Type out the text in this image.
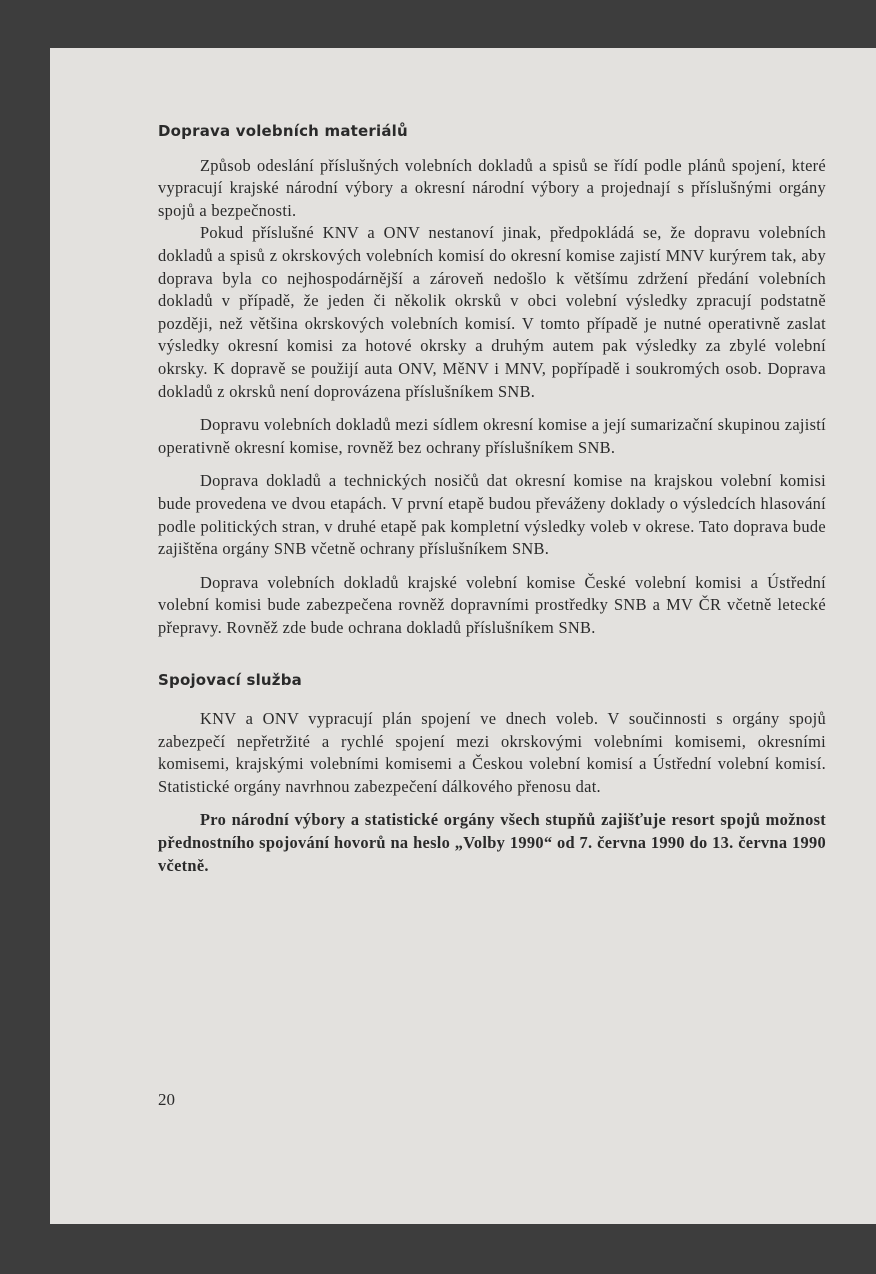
Doprava volebních materiálů

Způsob odeslání příslušných volebních dokladů a spisů se řídí podle plánů spojení, které vypracují krajské národní výbory a okresní národní výbory a projednají s příslušnými orgány spojů a bezpečnosti.

Pokud příslušné KNV a ONV nestanoví jinak, předpokládá se, že dopravu volebních dokladů a spisů z okrskových volebních komisí do okresní komise zajistí MNV kurýrem tak, aby doprava byla co nejhospodárnější a zároveň nedošlo k většímu zdržení předání volebních dokladů v případě, že jeden či několik okrsků v obci volební výsledky zpracují podstatně později, než většina okrskových volebních komisí. V tomto případě je nutné operativně zaslat výsledky okresní komisi za hotové okrsky a druhým autem pak výsledky za zbylé volební okrsky. K dopravě se použijí auta ONV, MěNV i MNV, popřípadě i soukromých osob. Doprava dokladů z okrsků není doprovázena příslušníkem SNB.

Dopravu volebních dokladů mezi sídlem okresní komise a její sumarizační skupinou zajistí operativně okresní komise, rovněž bez ochrany příslušníkem SNB.

Doprava dokladů a technických nosičů dat okresní komise na krajskou volební komisi bude provedena ve dvou etapách. V první etapě budou převáženy doklady o výsledcích hlasování podle politických stran, v druhé etapě pak kompletní výsledky voleb v okrese. Tato doprava bude zajištěna orgány SNB včetně ochrany příslušníkem SNB.

Doprava volebních dokladů krajské volební komise České volební komisi a Ústřední volební komisi bude zabezpečena rovněž dopravními prostředky SNB a MV ČR včetně letecké přepravy. Rovněž zde bude ochrana dokladů příslušníkem SNB.

Spojovací služba

KNV a ONV vypracují plán spojení ve dnech voleb. V součinnosti s orgány spojů zabezpečí nepřetržité a rychlé spojení mezi okrskovými volebními komisemi, okresními komisemi, krajskými volebními komisemi a Českou volební komisí a Ústřední volební komisí. Statistické orgány navrhnou zabezpečení dálkového přenosu dat.

Pro národní výbory a statistické orgány všech stupňů zajišťuje resort spojů možnost přednostního spojování hovorů na heslo „Volby 1990“ od 7. června 1990 do 13. června 1990 včetně.

20
